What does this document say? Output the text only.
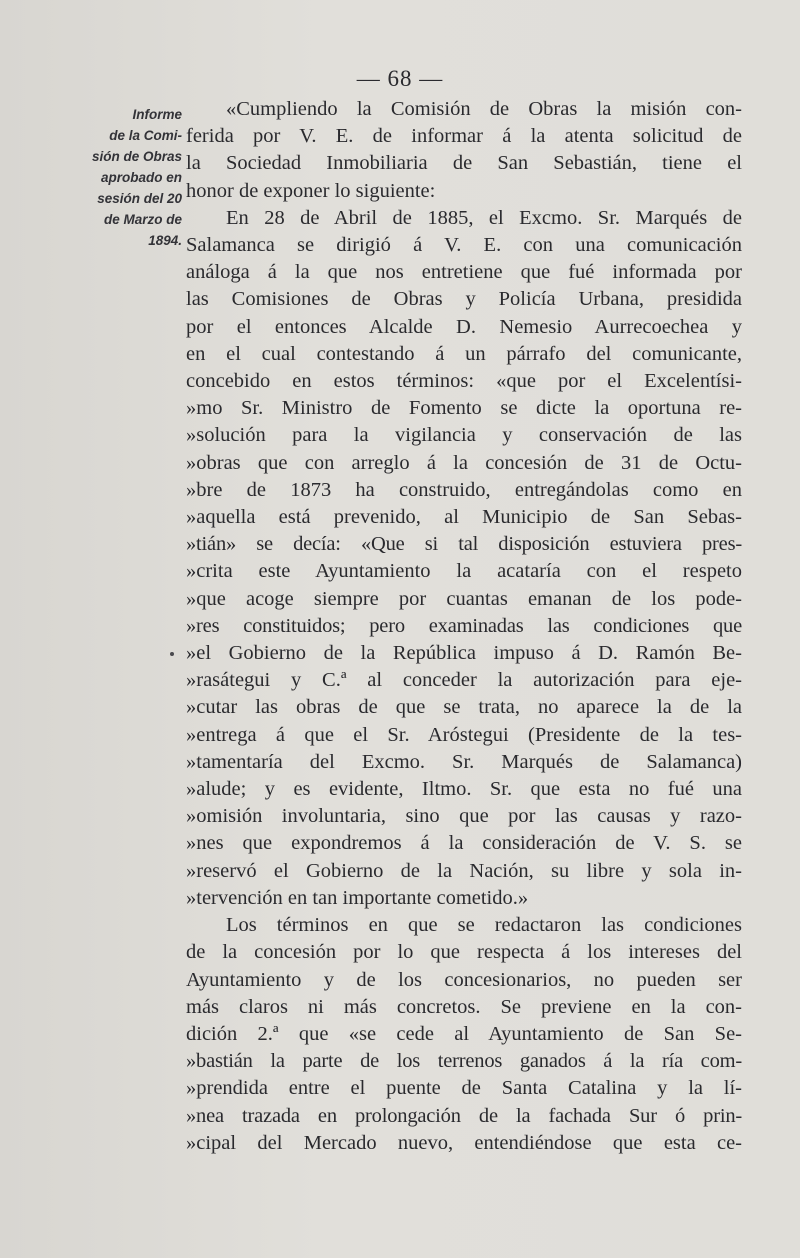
— 68 —
Informe
de la Comi-
sión de Obras
aprobado en
sesión del 20
de Marzo de
1894.
«Cumpliendo la Comisión de Obras la misión con-
ferida por V. E. de informar á la atenta solicitud de
la Sociedad Inmobiliaria de San Sebastián, tiene el
honor de exponer lo siguiente:
En 28 de Abril de 1885, el Excmo. Sr. Marqués de
Salamanca se dirigió á V. E. con una comunicación
análoga á la que nos entretiene que fué informada por
las Comisiones de Obras y Policía Urbana, presidida
por el entonces Alcalde D. Nemesio Aurrecoechea y
en el cual contestando á un párrafo del comunicante,
concebido en estos términos: «que por el Excelentísi-
»mo Sr. Ministro de Fomento se dicte la oportuna re-
»solución para la vigilancia y conservación de las
»obras que con arreglo á la concesión de 31 de Octu-
»bre de 1873 ha construido, entregándolas como en
»aquella está prevenido, al Municipio de San Sebas-
»tián» se decía: «Que si tal disposición estuviera pres-
»crita este Ayuntamiento la acataría con el respeto
»que acoge siempre por cuantas emanan de los pode-
»res constituidos; pero examinadas las condiciones que
»el Gobierno de la República impuso á D. Ramón Be-
»rasátegui y C.ª al conceder la autorización para eje-
»cutar las obras de que se trata, no aparece la de la
»entrega á que el Sr. Aróstegui (Presidente de la tes-
»tamentaría del Excmo. Sr. Marqués de Salamanca)
»alude; y es evidente, Iltmo. Sr. que esta no fué una
»omisión involuntaria, sino que por las causas y razo-
»nes que expondremos á la consideración de V. S. se
»reservó el Gobierno de la Nación, su libre y sola in-
»tervención en tan importante cometido.»
Los términos en que se redactaron las condiciones
de la concesión por lo que respecta á los intereses del
Ayuntamiento y de los concesionarios, no pueden ser
más claros ni más concretos. Se previene en la con-
dición 2.ª que «se cede al Ayuntamiento de San Se-
»bastián la parte de los terrenos ganados á la ría com-
»prendida entre el puente de Santa Catalina y la lí-
»nea trazada en prolongación de la fachada Sur ó prin-
»cipal del Mercado nuevo, entendiéndose que esta ce-
